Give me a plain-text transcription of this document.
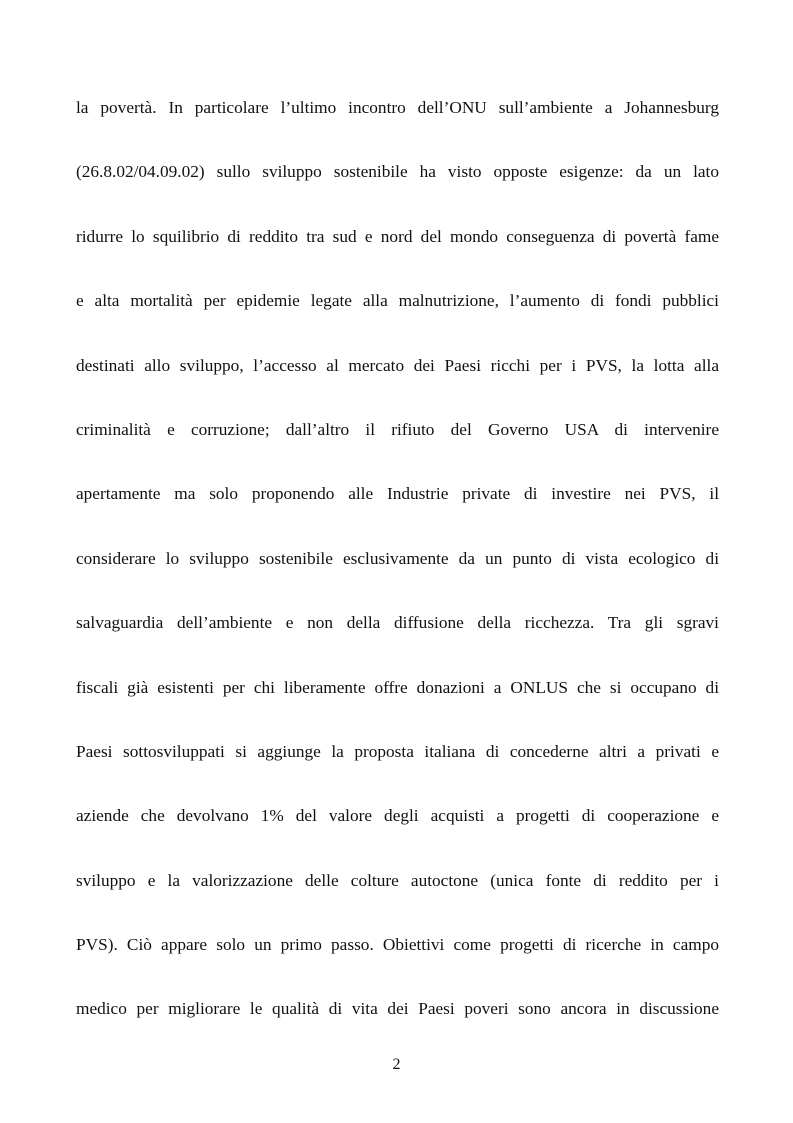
la povertà. In particolare l’ultimo incontro dell’ONU sull’ambiente a Johannesburg
(26.8.02/04.09.02) sullo sviluppo sostenibile ha visto opposte esigenze: da un lato
ridurre lo squilibrio di reddito tra sud e nord del mondo conseguenza di povertà fame
e alta mortalità per epidemie legate alla malnutrizione, l’aumento di fondi pubblici
destinati allo sviluppo, l’accesso al mercato dei Paesi ricchi per i PVS, la lotta alla
criminalità e corruzione; dall’altro il rifiuto del Governo USA di intervenire
apertamente ma solo proponendo alle Industrie private di investire nei PVS, il
considerare lo sviluppo sostenibile esclusivamente da un punto di vista ecologico di
salvaguardia dell’ambiente e non della diffusione della ricchezza. Tra gli sgravi
fiscali già esistenti per chi liberamente offre donazioni a ONLUS che si occupano di
Paesi sottosviluppati si aggiunge la proposta italiana di concederne altri a privati e
aziende che devolvano 1% del valore degli acquisti a progetti di cooperazione e
sviluppo e la valorizzazione delle colture autoctone (unica fonte di reddito per i
PVS). Ciò appare solo un primo passo. Obiettivi come progetti di ricerche in campo
medico per migliorare le qualità di vita dei Paesi poveri sono ancora in discussione
2
